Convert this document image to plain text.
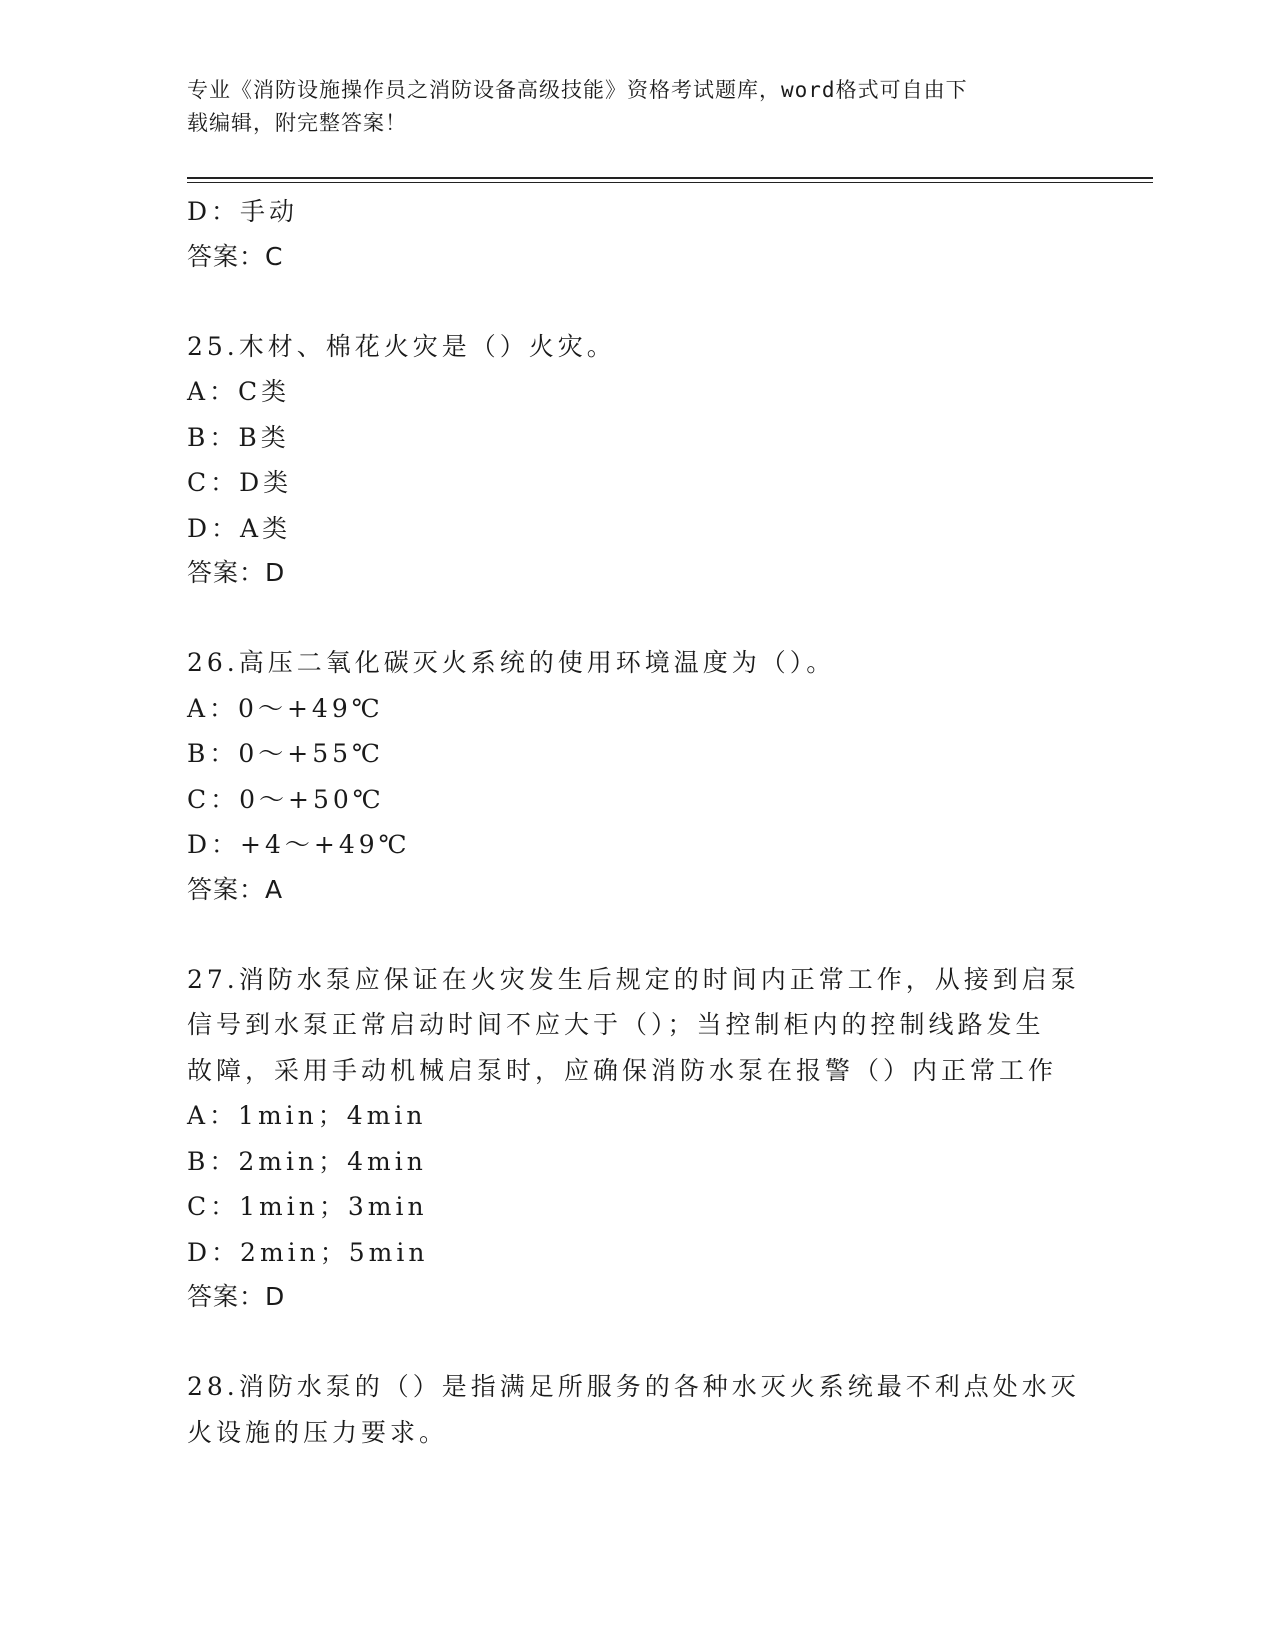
专业《消防设施操作员之消防设备高级技能》资格考试题库，word格式可自由下
载编辑，附完整答案！
D：手动
答案：C
25.木材、棉花火灾是（）火灾。
A：C类
B：B类
C：D类
D：A类
答案：D
26.高压二氧化碳灭火系统的使用环境温度为（）。
A：0～+49℃
B：0～+55℃
C：0～+50℃
D：+4～+49℃
答案：A
27.消防水泵应保证在火灾发生后规定的时间内正常工作，从接到启泵
信号到水泵正常启动时间不应大于（）；当控制柜内的控制线路发生
故障，采用手动机械启泵时，应确保消防水泵在报警（）内正常工作
A：1min；4min
B：2min；4min
C：1min；3min
D：2min；5min
答案：D
28.消防水泵的（）是指满足所服务的各种水灭火系统最不利点处水灭
火设施的压力要求。
